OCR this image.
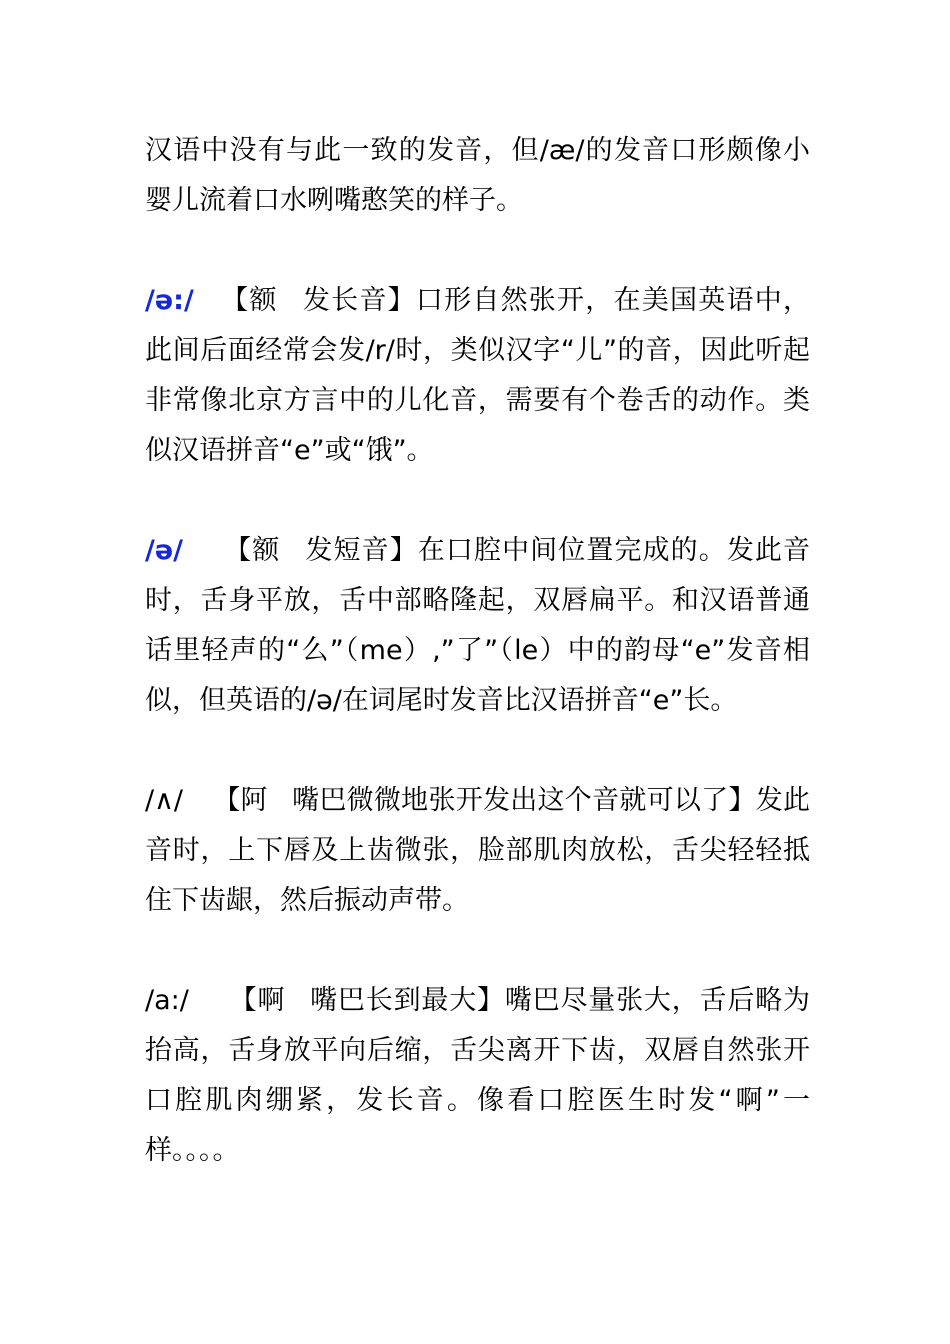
汉语中没有与此一致的发音，但/æ/的发音口形颇像小婴儿流着口水咧嘴憨笑的样子。

/ə:/ 【额 发长音】口形自然张开，在美国英语中，此间后面经常会发/r/时，类似汉字“儿”的音，因此听起非常像北京方言中的儿化音，需要有个卷舌的动作。类似汉语拼音“e”或“饿”。

/ə/ 【额 发短音】在口腔中间位置完成的。发此音时，舌身平放，舌中部略隆起，双唇扁平。和汉语普通话里轻声的“么”（me）,”了”（le）中的韵母“e”发音相似，但英语的/ə/在词尾时发音比汉语拼音“e”长。

/∧/ 【阿 嘴巴微微地张开发出这个音就可以了】发此音时，上下唇及上齿微张，脸部肌肉放松，舌尖轻轻抵住下齿龈，然后振动声带。

/a:/ 【啊 嘴巴长到最大】嘴巴尽量张大，舌后略为抬高，舌身放平向后缩，舌尖离开下齿，双唇自然张开口腔肌肉绷紧，发长音。像看口腔医生时发“啊”一样。。。。
